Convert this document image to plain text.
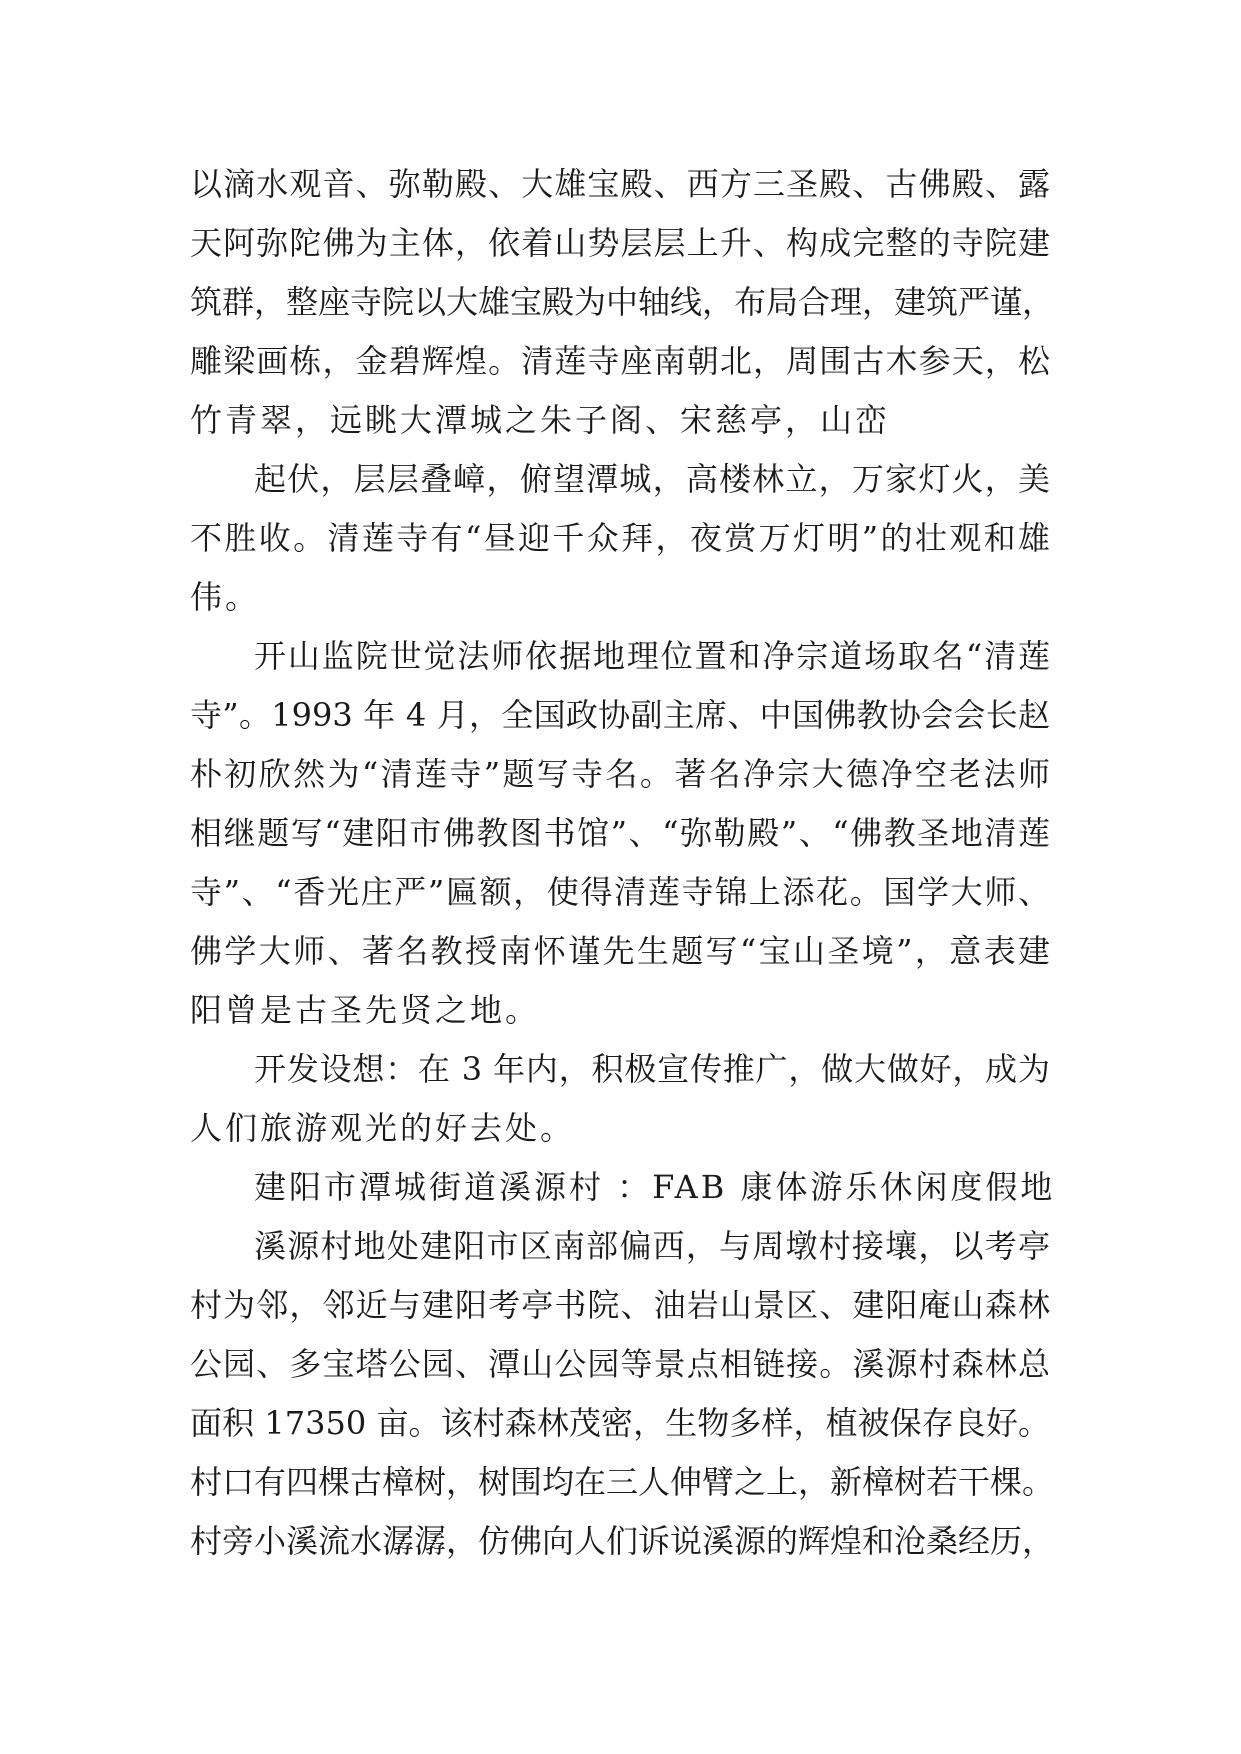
以滴水观音、弥勒殿、大雄宝殿、西方三圣殿、古佛殿、露
天阿弥陀佛为主体，依着山势层层上升、构成完整的寺院建
筑群，整座寺院以大雄宝殿为中轴线，布局合理，建筑严谨，
雕梁画栋，金碧辉煌。清莲寺座南朝北，周围古木参天，松
竹青翠，远眺大潭城之朱子阁、宋慈亭，山峦
起伏，层层叠嶂，俯望潭城，高楼林立，万家灯火，美
不胜收。清莲寺有“昼迎千众拜，夜赏万灯明”的壮观和雄
伟。
开山监院世觉法师依据地理位置和净宗道场取名“清莲
寺”。1993 年 4 月，全国政协副主席、中国佛教协会会长赵
朴初欣然为“清莲寺”题写寺名。著名净宗大德净空老法师
相继题写“建阳市佛教图书馆”、“弥勒殿”、“佛教圣地清莲
寺”、“香光庄严”匾额，使得清莲寺锦上添花。国学大师、
佛学大师、著名教授南怀谨先生题写“宝山圣境”，意表建
阳曾是古圣先贤之地。
开发设想：在 3 年内，积极宣传推广，做大做好，成为
人们旅游观光的好去处。
建阳市潭城街道溪源村 ：FAB 康体游乐休闲度假地
溪源村地处建阳市区南部偏西，与周墩村接壤，以考亭
村为邻，邻近与建阳考亭书院、油岩山景区、建阳庵山森林
公园、多宝塔公园、潭山公园等景点相链接。溪源村森林总
面积 17350 亩。该村森林茂密，生物多样，植被保存良好。
村口有四棵古樟树，树围均在三人伸臂之上，新樟树若干棵。
村旁小溪流水潺潺，仿佛向人们诉说溪源的辉煌和沧桑经历，
